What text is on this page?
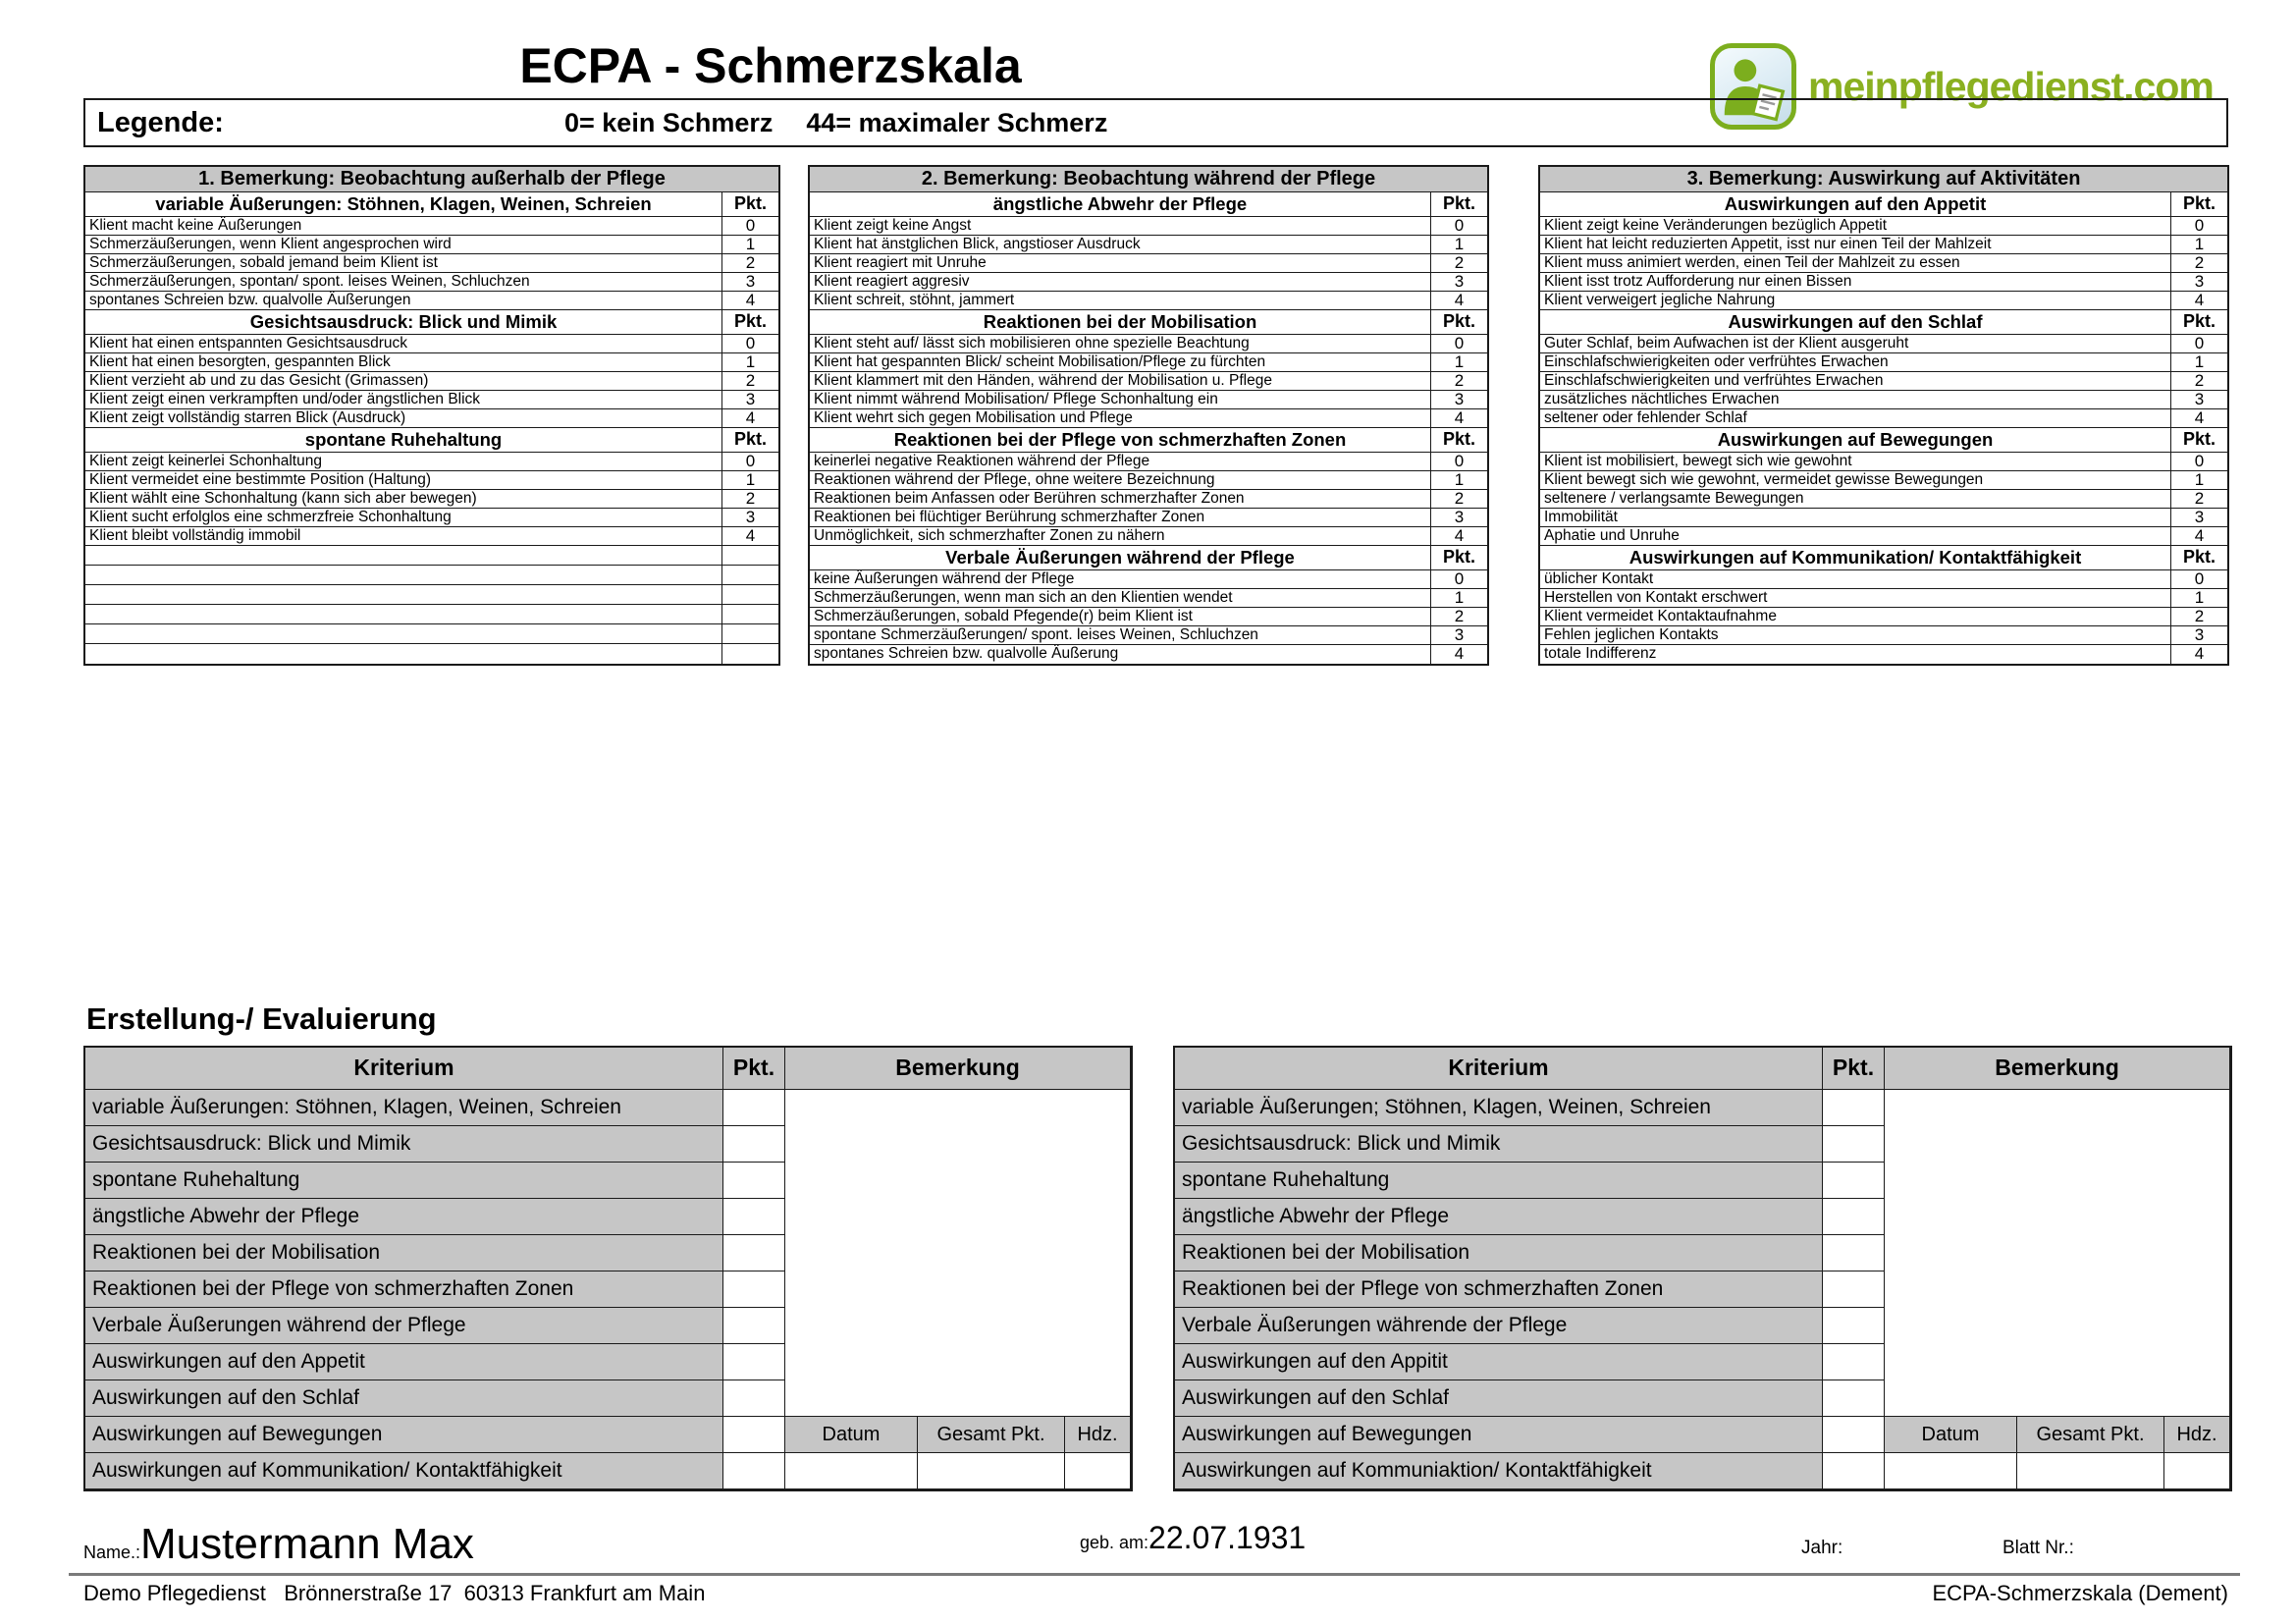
ECPA - Schmerzskala	meinpflegedienst.com
Legende:	0= kein Schmerz 44= maximaler Schmerz
1. Bemerkung: Beobachtung außerhalb der Pflege
variable Äußerungen: Stöhnen, Klagen, Weinen, Schreien	Pkt.
Klient macht keine Äußerungen	0
Schmerzäußerungen, wenn Klient angesprochen wird	1
Schmerzäußerungen, sobald jemand beim Klient ist	2
Schmerzäußerungen, spontan/ spont. leises Weinen, Schluchzen	3
spontanes Schreien bzw. qualvolle Äußerungen	4
Gesichtsausdruck: Blick und Mimik	Pkt.
Klient hat einen entspannten Gesichtsausdruck	0
Klient hat einen besorgten, gespannten Blick	1
Klient verzieht ab und zu das Gesicht (Grimassen)	2
Klient zeigt einen verkrampften und/oder ängstlichen Blick	3
Klient zeigt vollständig starren Blick (Ausdruck)	4
spontane Ruhehaltung	Pkt.
Klient zeigt keinerlei Schonhaltung	0
Klient vermeidet eine bestimmte Position (Haltung)	1
Klient wählt eine Schonhaltung (kann sich aber bewegen)	2
Klient sucht erfolglos eine schmerzfreie Schonhaltung	3
Klient bleibt vollständig immobil	4
2. Bemerkung: Beobachtung während der Pflege
ängstliche Abwehr der Pflege	Pkt.
Klient zeigt keine Angst	0
Klient hat änstglichen Blick, angstioser Ausdruck	1
Klient reagiert mit Unruhe	2
Klient reagiert aggresiv	3
Klient schreit, stöhnt, jammert	4
Reaktionen bei der Mobilisation	Pkt.
Klient steht auf/ lässt sich mobilisieren ohne spezielle Beachtung	0
Klient hat gespannten Blick/ scheint Mobilisation/Pflege zu fürchten	1
Klient klammert mit den Händen, während der Mobilisation u. Pflege	2
Klient nimmt während Mobilisation/ Pflege Schonhaltung ein	3
Klient wehrt sich gegen Mobilisation und Pflege	4
Reaktionen bei der Pflege von schmerzhaften Zonen	Pkt.
keinerlei negative Reaktionen während der Pflege	0
Reaktionen während der Pflege, ohne weitere Bezeichnung	1
Reaktionen beim Anfassen oder Berühren schmerzhafter Zonen	2
Reaktionen bei flüchtiger Berührung schmerzhafter Zonen	3
Unmöglichkeit, sich schmerzhafter Zonen zu nähern	4
Verbale Äußerungen während der Pflege	Pkt.
keine Äußerungen während der Pflege	0
Schmerzäußerungen, wenn man sich an den Klientien wendet	1
Schmerzäußerungen, sobald Pfegende(r) beim Klient ist	2
spontane Schmerzäußerungen/ spont. leises Weinen, Schluchzen	3
spontanes Schreien bzw. qualvolle Äußerung	4
3. Bemerkung: Auswirkung auf Aktivitäten
Auswirkungen auf den Appetit	Pkt.
Klient zeigt keine Veränderungen bezüglich Appetit	0
Klient hat leicht reduzierten Appetit, isst nur einen Teil der Mahlzeit	1
Klient muss animiert werden, einen Teil der Mahlzeit zu essen	2
Klient isst trotz Aufforderung nur einen Bissen	3
Klient verweigert jegliche Nahrung	4
Auswirkungen auf den Schlaf	Pkt.
Guter Schlaf, beim Aufwachen ist der Klient ausgeruht	0
Einschlafschwierigkeiten oder verfrühtes Erwachen	1
Einschlafschwierigkeiten und verfrühtes Erwachen	2
zusätzliches nächtliches Erwachen	3
seltener oder fehlender Schlaf	4
Auswirkungen auf Bewegungen	Pkt.
Klient ist mobilisiert, bewegt sich wie gewohnt	0
Klient bewegt sich wie gewohnt, vermeidet gewisse Bewegungen	1
seltenere / verlangsamte Bewegungen	2
Immobilität	3
Aphatie und Unruhe	4
Auswirkungen auf Kommunikation/ Kontaktfähigkeit	Pkt.
üblicher Kontakt	0
Herstellen von Kontakt erschwert	1
Klient vermeidet Kontaktaufnahme	2
Fehlen jeglichen Kontakts	3
totale Indifferenz	4
Erstellung-/ Evaluierung
Kriterium	Pkt.	Bemerkung
variable Äußerungen: Stöhnen, Klagen, Weinen, Schreien
Gesichtsausdruck: Blick und Mimik
spontane Ruhehaltung
ängstliche Abwehr der Pflege
Reaktionen bei der Mobilisation
Reaktionen bei der Pflege von schmerzhaften Zonen
Verbale Äußerungen während der Pflege
Auswirkungen auf den Appetit
Auswirkungen auf den Schlaf
Auswirkungen auf Bewegungen
Auswirkungen auf Kommunikation/ Kontaktfähigkeit
Datum	Gesamt Pkt.	Hdz.
Kriterium	Pkt.	Bemerkung
variable Äußerungen; Stöhnen, Klagen, Weinen, Schreien
Gesichtsausdruck: Blick und Mimik
spontane Ruhehaltung
ängstliche Abwehr der Pflege
Reaktionen bei der Mobilisation
Reaktionen bei der Pflege von schmerzhaften Zonen
Verbale Äußerungen währende der Pflege
Auswirkungen auf den Appitit
Auswirkungen auf den Schlaf
Auswirkungen auf Bewegungen
Auswirkungen auf Kommuniaktion/ Kontaktfähigkeit
Datum	Gesamt Pkt.	Hdz.
Name.: Mustermann Max	geb. am: 22.07.1931	Jahr:	Blatt Nr.:
Demo Pflegedienst   Brönnerstraße 17  60313 Frankfurt am Main	ECPA-Schmerzskala (Dement)
